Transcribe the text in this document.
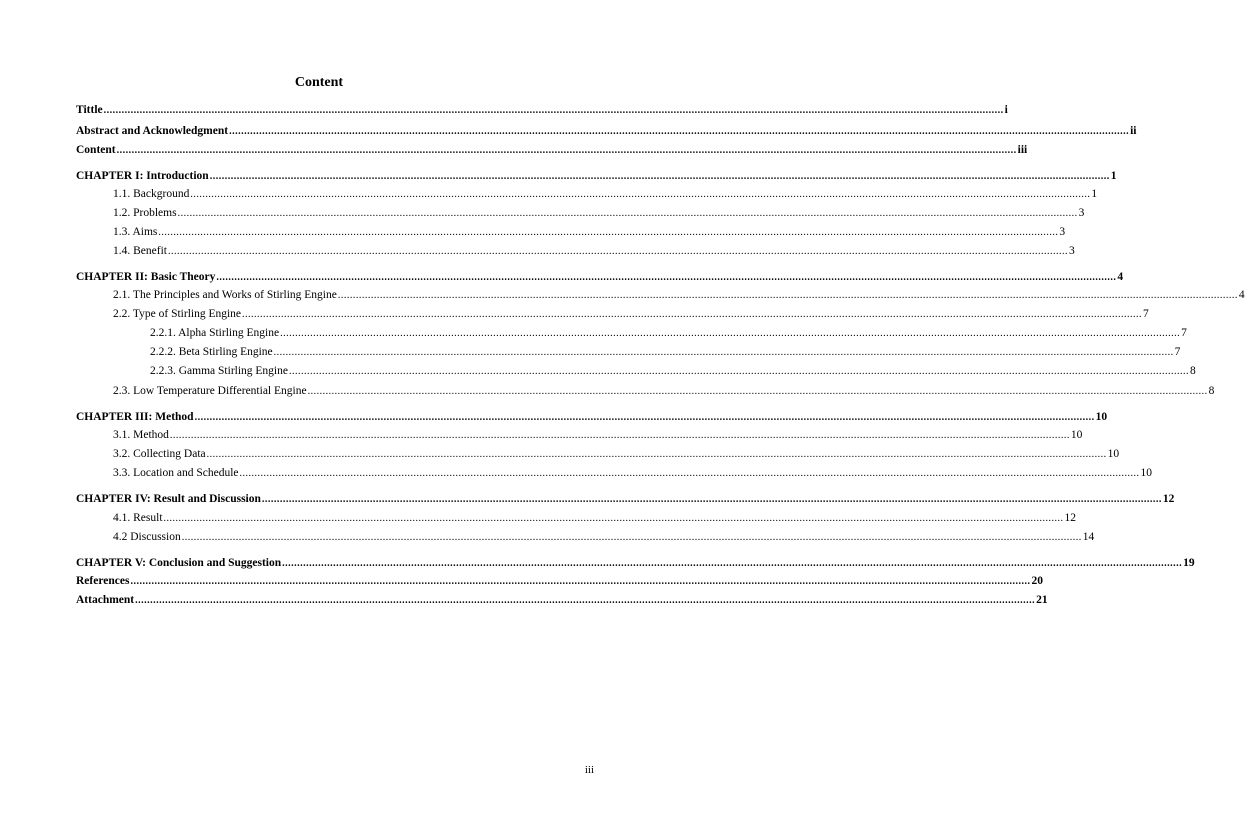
Content
Tittle ............................................................................................................................................................................................................................................................................................................ i
Abstract and Acknowledgment ............................................................................................................................................................................................................................................................................................................ ii
Content ............................................................................................................................................................................................................................................................................................................ iii
CHAPTER I: Introduction ............................................................................................................................................................................................................................................................................................................ 1
1.1. Background ............................................................................................................................................................................................................................................................................................................ 1
1.2. Problems ............................................................................................................................................................................................................................................................................................................ 3
1.3. Aims ............................................................................................................................................................................................................................................................................................................ 3
1.4. Benefit ............................................................................................................................................................................................................................................................................................................ 3
CHAPTER II: Basic Theory ............................................................................................................................................................................................................................................................................................................ 4
2.1. The Principles and Works of Stirling Engine ............................................................................................................................................................................................................................................................................................................ 4
2.2. Type of Stirling Engine ............................................................................................................................................................................................................................................................................................................ 7
2.2.1. Alpha Stirling Engine ............................................................................................................................................................................................................................................................................................................ 7
2.2.2. Beta Stirling Engine ............................................................................................................................................................................................................................................................................................................ 7
2.2.3. Gamma Stirling Engine ............................................................................................................................................................................................................................................................................................................ 8
2.3. Low Temperature Differential Engine ............................................................................................................................................................................................................................................................................................................ 8
CHAPTER III: Method ............................................................................................................................................................................................................................................................................................................ 10
3.1. Method ............................................................................................................................................................................................................................................................................................................ 10
3.2. Collecting Data ............................................................................................................................................................................................................................................................................................................ 10
3.3. Location and Schedule ............................................................................................................................................................................................................................................................................................................ 10
CHAPTER IV: Result and Discussion ............................................................................................................................................................................................................................................................................................................ 12
4.1. Result ............................................................................................................................................................................................................................................................................................................ 12
4.2 Discussion ............................................................................................................................................................................................................................................................................................................ 14
CHAPTER V: Conclusion and Suggestion ............................................................................................................................................................................................................................................................................................................ 19
References ............................................................................................................................................................................................................................................................................................................ 20
Attachment ............................................................................................................................................................................................................................................................................................................ 21
iii
